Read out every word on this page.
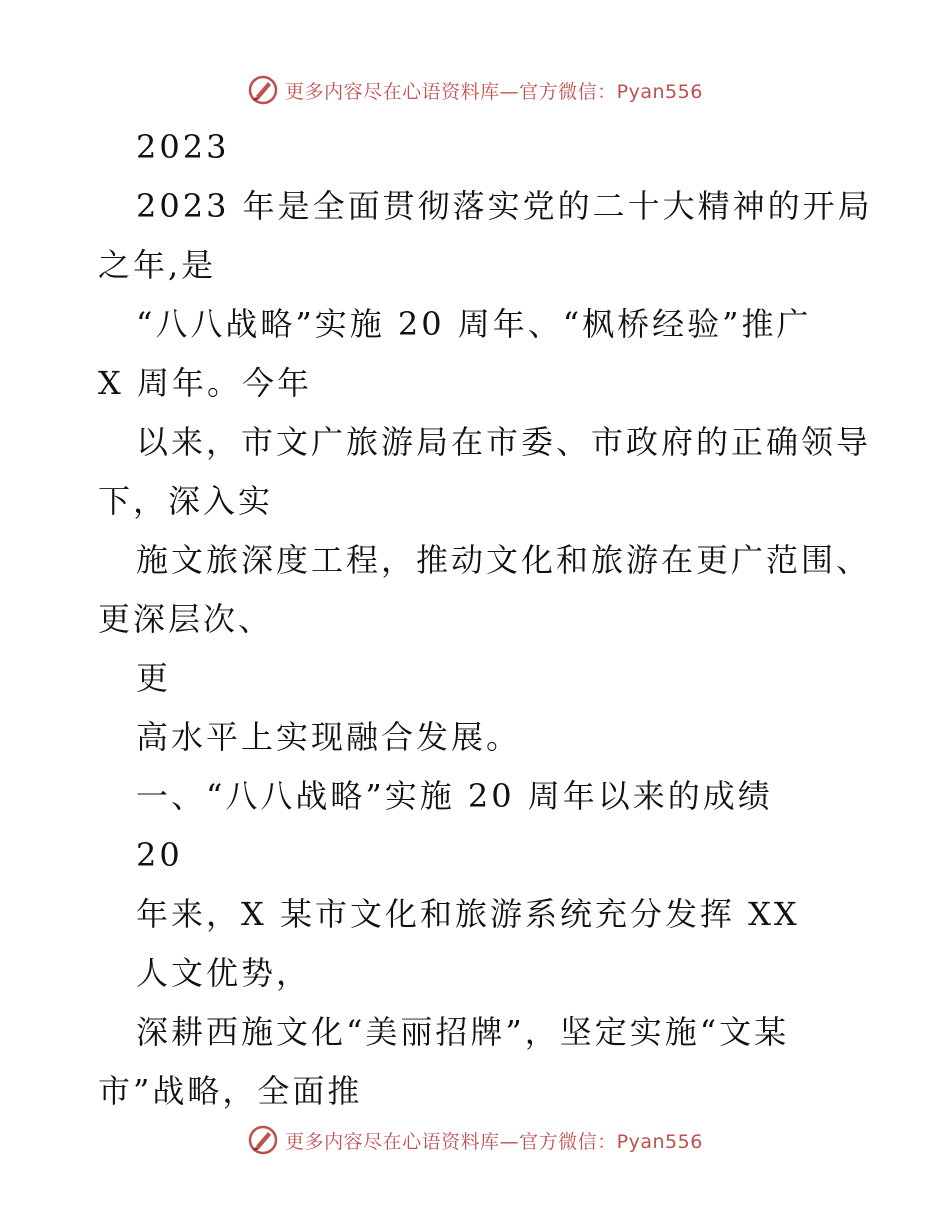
更多内容尽在心语资料库—官方微信：Pyan556
2023
2023 年是全面贯彻落实党的二十大精神的开局
之年,是
“八八战略”实施 20 周年、“枫桥经验”推广
X 周年。今年
以来，市文广旅游局在市委、市政府的正确领导
下，深入实
施文旅深度工程，推动文化和旅游在更广范围、
更深层次、
更
高水平上实现融合发展。
一、“八八战略”实施 20 周年以来的成绩
20
年来，X 某市文化和旅游系统充分发挥 XX
人文优势，
深耕西施文化“美丽招牌”，坚定实施“文某
市”战略，全面推
更多内容尽在心语资料库—官方微信：Pyan556
